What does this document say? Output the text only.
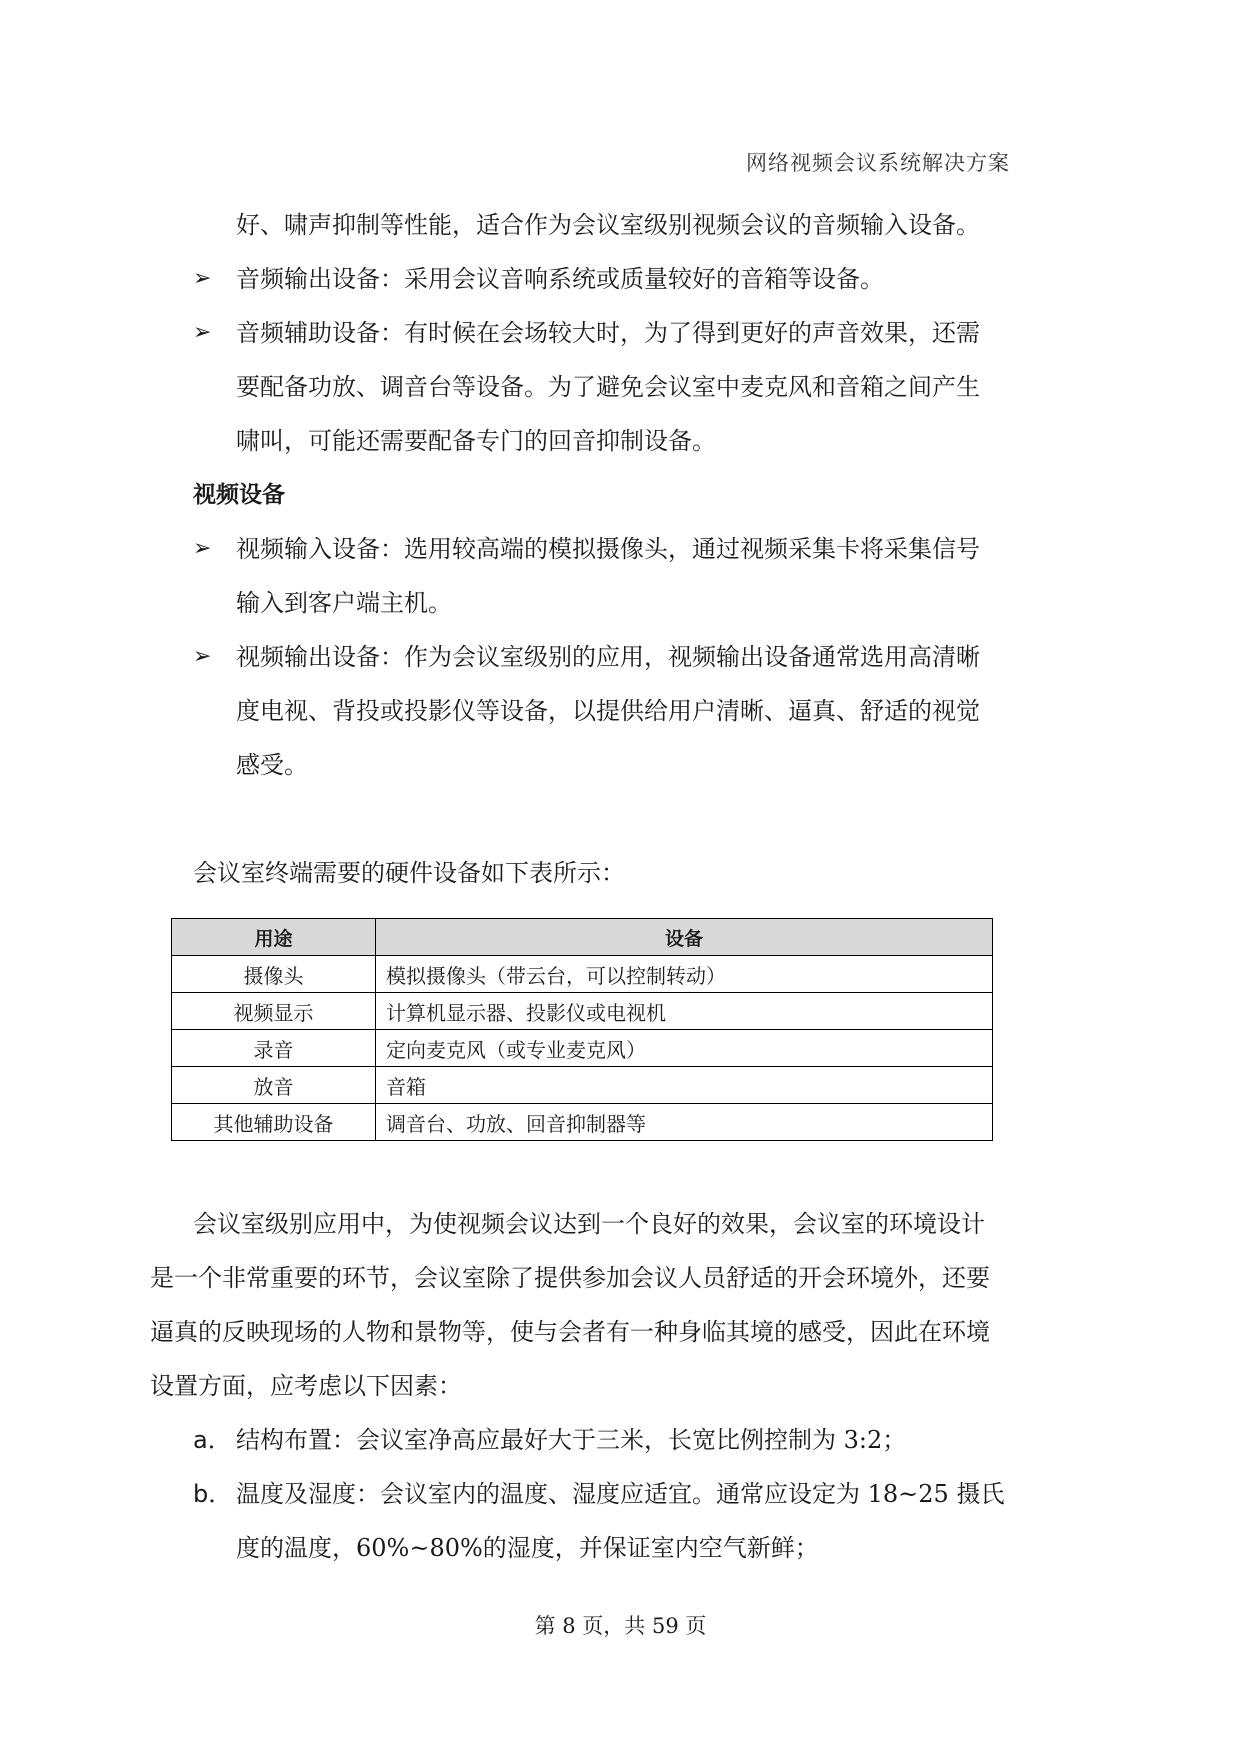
网络视频会议系统解决方案

好、啸声抑制等性能，适合作为会议室级别视频会议的音频输入设备。

➢ 音频输出设备：采用会议音响系统或质量较好的音箱等设备。
➢ 音频辅助设备：有时候在会场较大时，为了得到更好的声音效果，还需
要配备功放、调音台等设备。为了避免会议室中麦克风和音箱之间产生
啸叫，可能还需要配备专门的回音抑制设备。

视频设备

➢ 视频输入设备：选用较高端的模拟摄像头，通过视频采集卡将采集信号
输入到客户端主机。
➢ 视频输出设备：作为会议室级别的应用，视频输出设备通常选用高清晰
度电视、背投或投影仪等设备，以提供给用户清晰、逼真、舒适的视觉
感受。

会议室终端需要的硬件设备如下表所示：

用途	设备
摄像头	模拟摄像头（带云台，可以控制转动）
视频显示	计算机显示器、投影仪或电视机
录音	定向麦克风（或专业麦克风）
放音	音箱
其他辅助设备	调音台、功放、回音抑制器等

会议室级别应用中，为使视频会议达到一个良好的效果，会议室的环境设计

是一个非常重要的环节，会议室除了提供参加会议人员舒适的开会环境外，还要

逼真的反映现场的人物和景物等，使与会者有一种身临其境的感受，因此在环境

设置方面，应考虑以下因素：

a． 结构布置：会议室净高应最好大于三米，长宽比例控制为 3:2；
b． 温度及湿度：会议室内的温度、湿度应适宜。通常应设定为 18~25 摄氏
度的温度，60%~80%的湿度，并保证室内空气新鲜；
第 8 页，共 59 页
